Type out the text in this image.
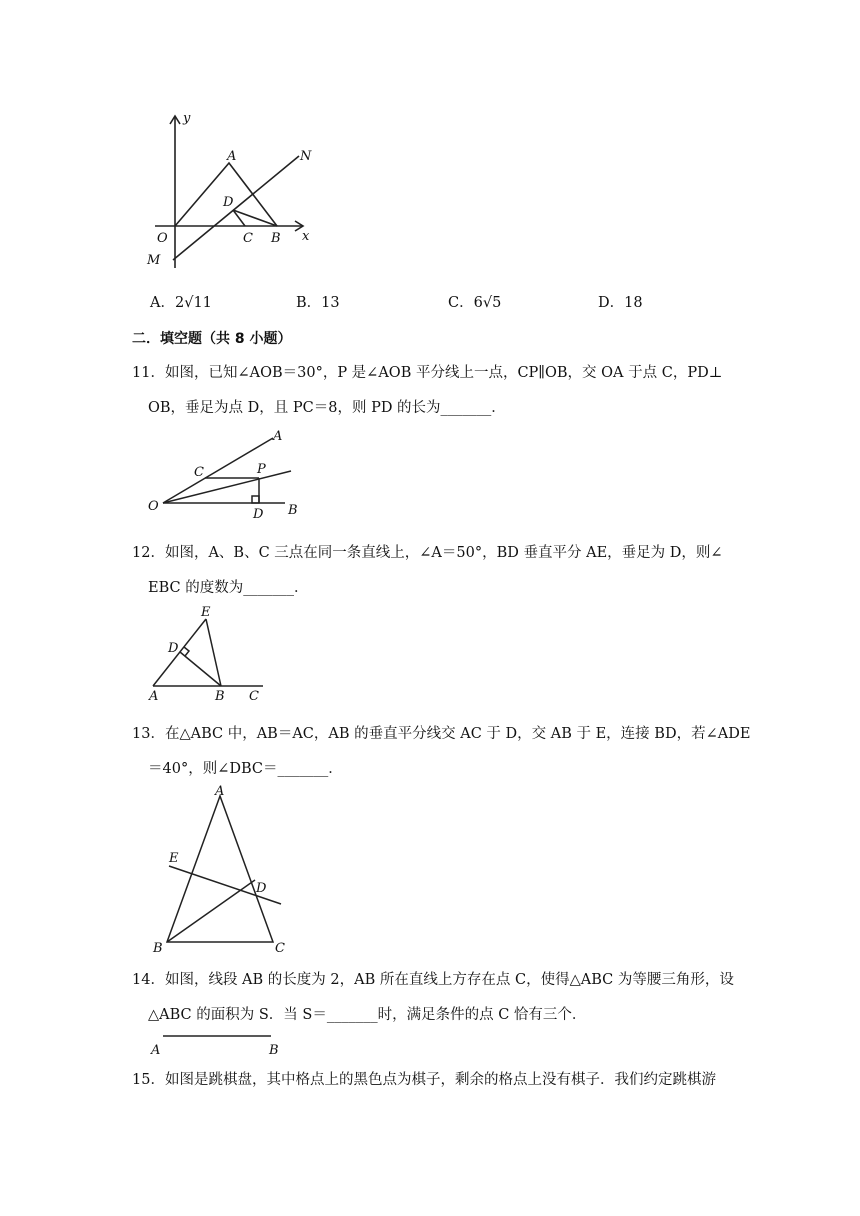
y
x
A	N
D
O	C B
M
A．2√11	B．13	C．6√5	D．18
二．填空题（共 8 小题）
11．如图，已知∠AOB＝30°，P 是∠AOB 平分线上一点，CP∥OB，交 OA 于点 C，PD⊥
OB，垂足为点 D，且 PC＝8，则 PD 的长为_______．
A
C	P
O
D B
12．如图，A、B、C 三点在同一条直线上，∠A＝50°，BD 垂直平分 AE，垂足为 D，则∠
EBC 的度数为_______．
E
D
A	B C
13．在△ABC 中，AB＝AC，AB 的垂直平分线交 AC 于 D，交 AB 于 E，连接 BD，若∠ADE
＝40°，则∠DBC＝_______．
A
E
D
B	C
14．如图，线段 AB 的长度为 2，AB 所在直线上方存在点 C，使得△ABC 为等腰三角形，设
△ABC 的面积为 S．当 S＝_______时，满足条件的点 C 恰有三个．
A	B
15．如图是跳棋盘，其中格点上的黑色点为棋子，剩余的格点上没有棋子．我们约定跳棋游
